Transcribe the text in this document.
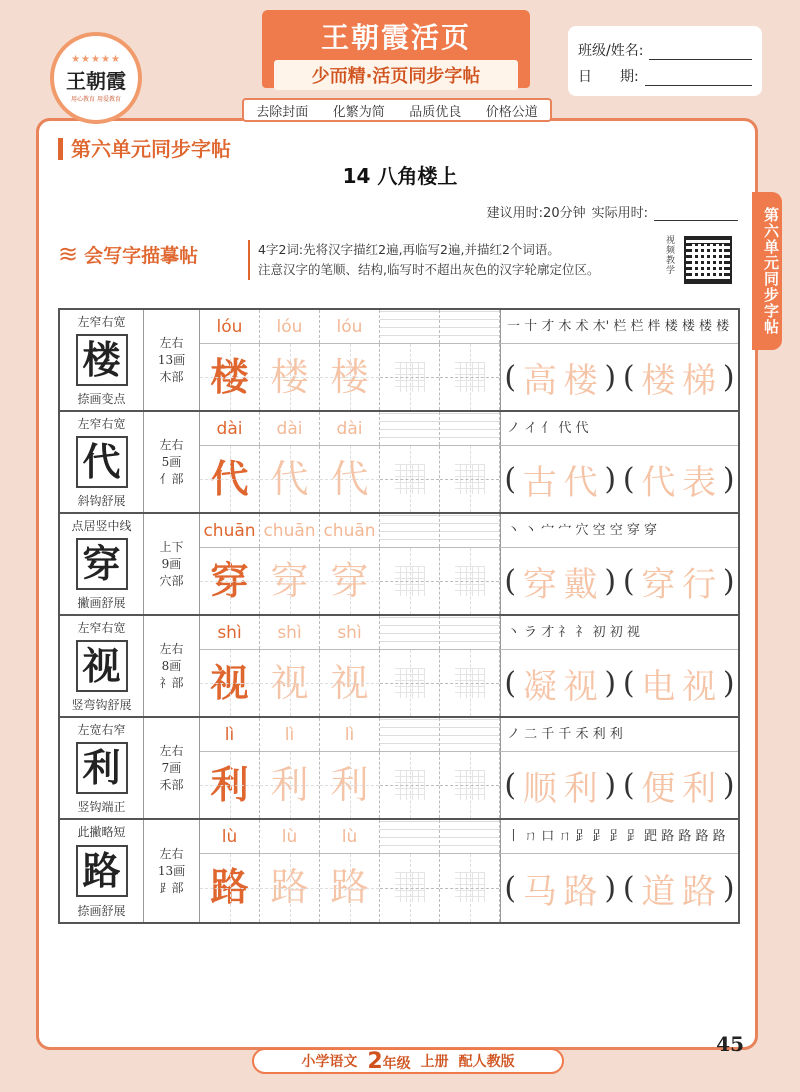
★★★★★
王朝霞
用心教育 用爱教育
王朝霞活页
少而精·活页同步字帖
去除封面 化繁为简 品质优良 价格公道
班级/姓名:
日　　期:
第六单元同步字帖
14 八角楼上
建议用时:20分钟 实际用时:	第六单元同步字帖
≋ 会写字描摹帖	4字2词:先将汉字描红2遍,再临写2遍,并描红2个词语。
注意汉字的笔顺、结构,临写时不超出灰色的汉字轮廓定位区。
视频教学
左窄右宽
楼
捺画变点
左右
13画
木部
lóu	lóu	lóu	一 十 才 木 术 木' 栏 栏 柈 楼 楼 楼 楼
楼 楼 楼	( 高 楼 ) ( 楼 梯 )
左窄右宽
代
斜钩舒展
左右
5画
亻部
dài	dài	dài	ノ イ 亻 代 代
代 代 代	( 古 代 ) ( 代 表 )
点居竖中线
穿
撇画舒展
上下
9画
穴部
chuān chuān chuān	丶 丶 宀 宀 穴 空 空 穿 穿
穿 穿 穿	( 穿 戴 ) ( 穿 行 )
左窄右宽
视
竖弯钩舒展
左右
8画
礻部
shì	shì	shì	丶 ラ 才 礻 礻 初 初 视
视 视 视	( 凝 视 ) ( 电 视 )
左宽右窄
利
竖钩端正
左右
7画
禾部
lì	lì	lì	ノ 二 千 千 禾 利 利
利 利 利	( 顺 利 ) ( 便 利 )
此撇略短
路
捺画舒展
左右
13画
⻊部
lù	lù	lù	丨 ㄇ 口 ㄇ 𧾷 𧾷 𧾷 𧾷 跁 路 路 路 路
路 路 路	( 马 路 ) ( 道 路 )
45
小学语文 2年级 上册 配人教版
